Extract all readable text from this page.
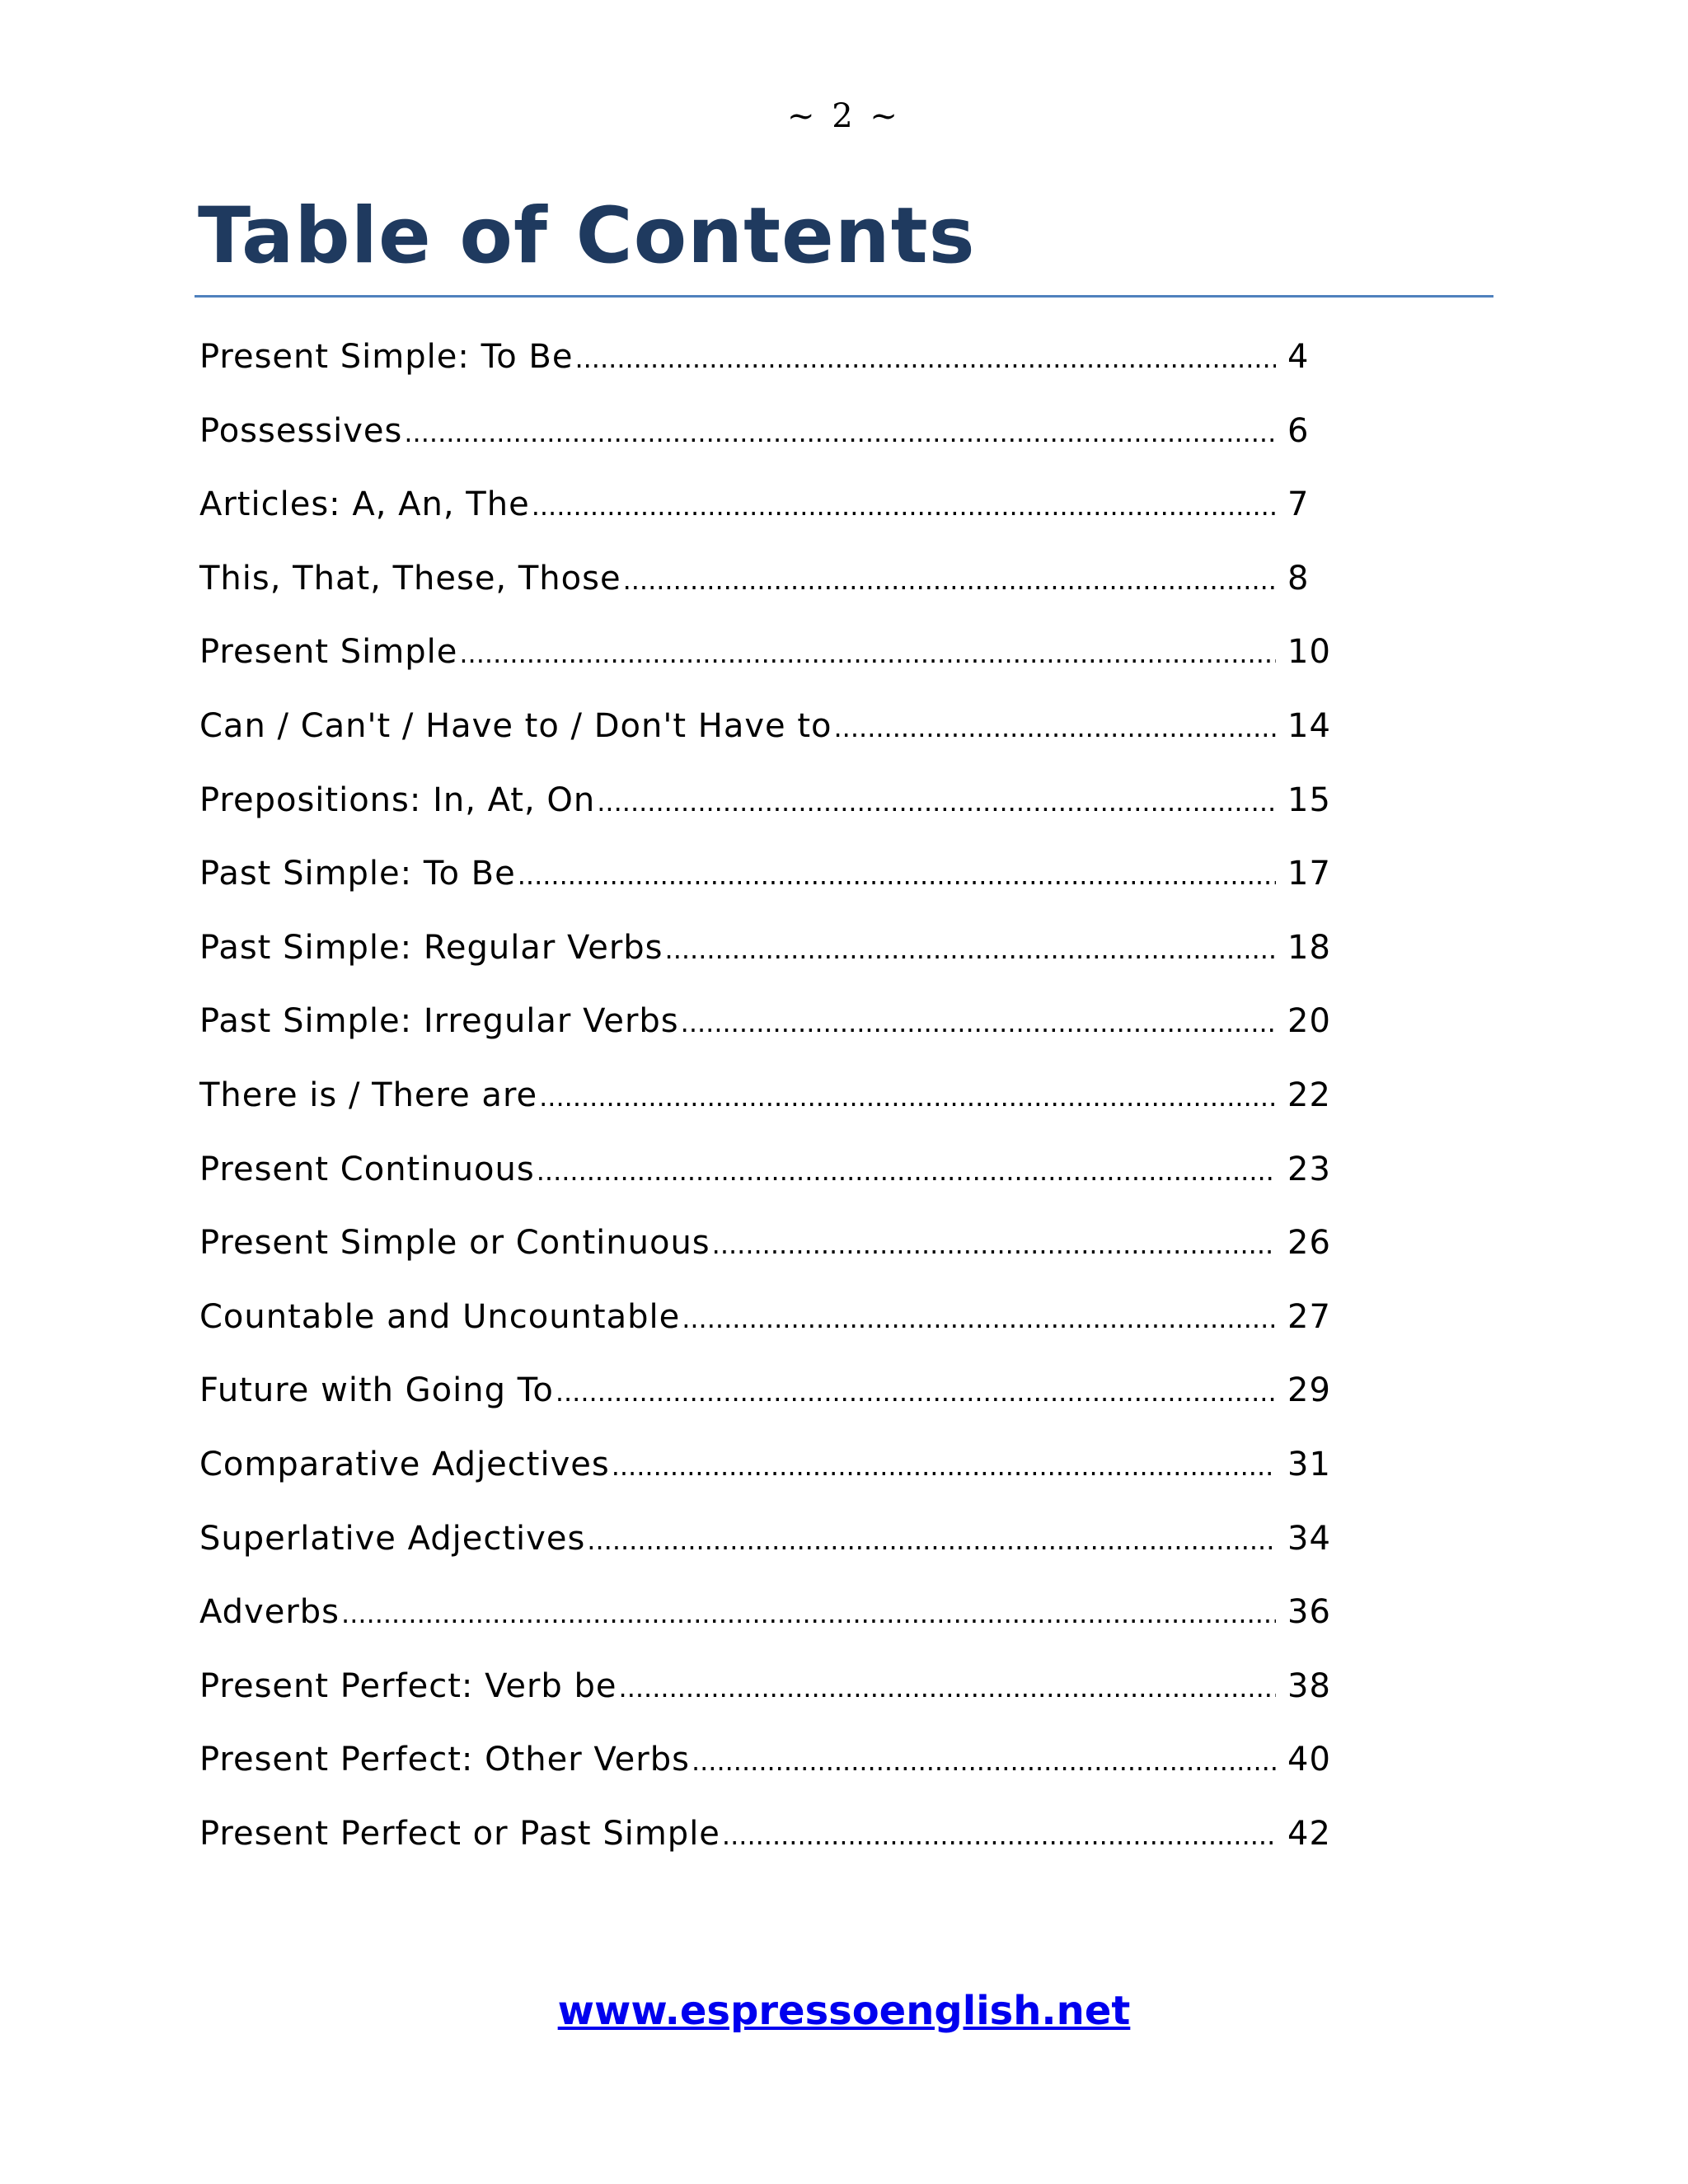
~ 2 ~
Table of Contents
Present Simple: To Be .....	4
Possessives .....	6
Articles: A, An, The .....	7
This, That, These, Those .....	8
Present Simple .....	10
Can / Can't / Have to / Don't Have to .....	14
Prepositions: In, At, On .....	15
Past Simple: To Be .....	17
Past Simple: Regular Verbs .....	18
Past Simple: Irregular Verbs .....	20
There is / There are .....	22
Present Continuous .....	23
Present Simple or Continuous .....	26
Countable and Uncountable .....	27
Future with Going To .....	29
Comparative Adjectives .....	31
Superlative Adjectives .....	34
Adverbs .....	36
Present Perfect: Verb be .....	38
Present Perfect: Other Verbs .....	40
Present Perfect or Past Simple .....	42
www.espressoenglish.net
